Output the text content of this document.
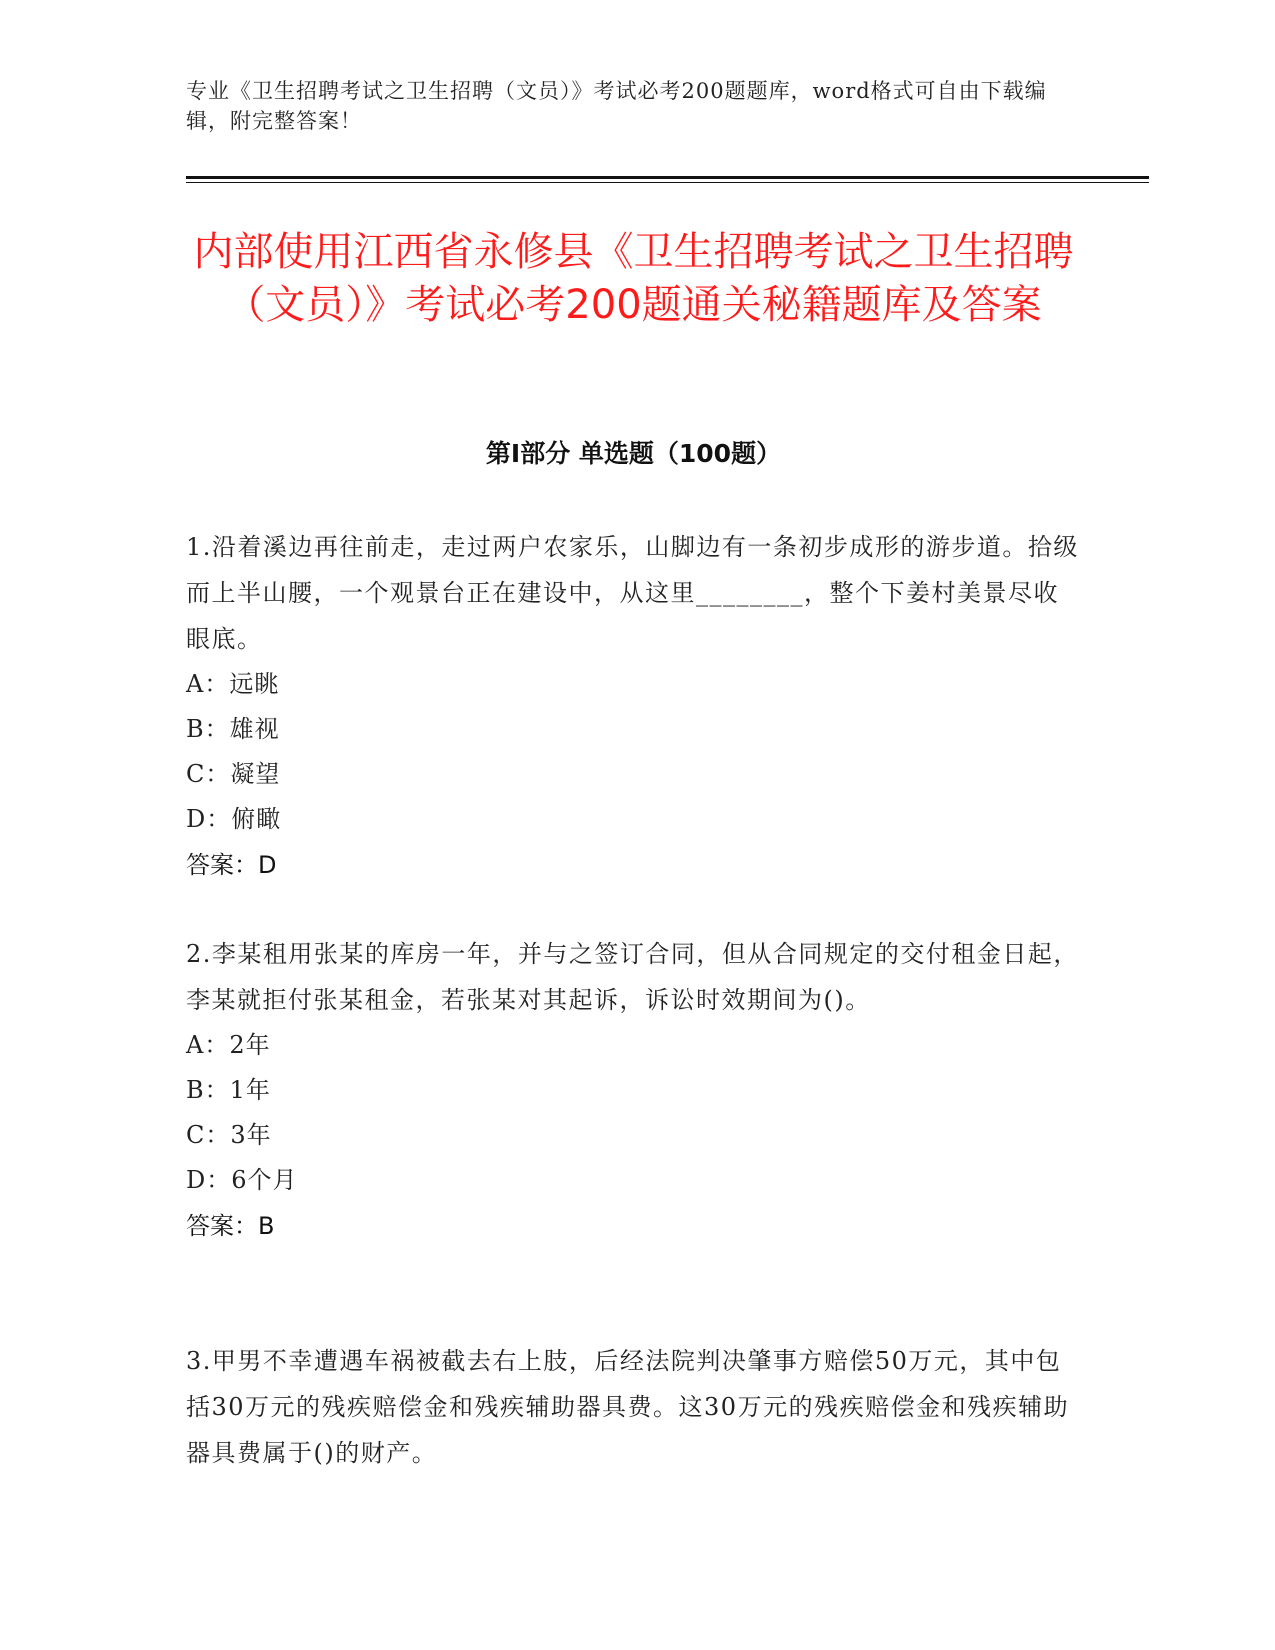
专业《卫生招聘考试之卫生招聘（文员）》考试必考200题题库，word格式可自由下载编辑，附完整答案！
内部使用江西省永修县《卫生招聘考试之卫生招聘（文员）》考试必考200题通关秘籍题库及答案
第Ⅰ部分 单选题（100题）
1.沿着溪边再往前走，走过两户农家乐，山脚边有一条初步成形的游步道。拾级而上半山腰，一个观景台正在建设中，从这里________，整个下姜村美景尽收眼底。
A：远眺
B：雄视
C：凝望
D：俯瞰
答案：D
2.李某租用张某的库房一年，并与之签订合同，但从合同规定的交付租金日起，李某就拒付张某租金，若张某对其起诉，诉讼时效期间为()。
A：2年
B：1年
C：3年
D：6个月
答案：B
3.甲男不幸遭遇车祸被截去右上肢，后经法院判决肇事方赔偿50万元，其中包括30万元的残疾赔偿金和残疾辅助器具费。这30万元的残疾赔偿金和残疾辅助器具费属于()的财产。
